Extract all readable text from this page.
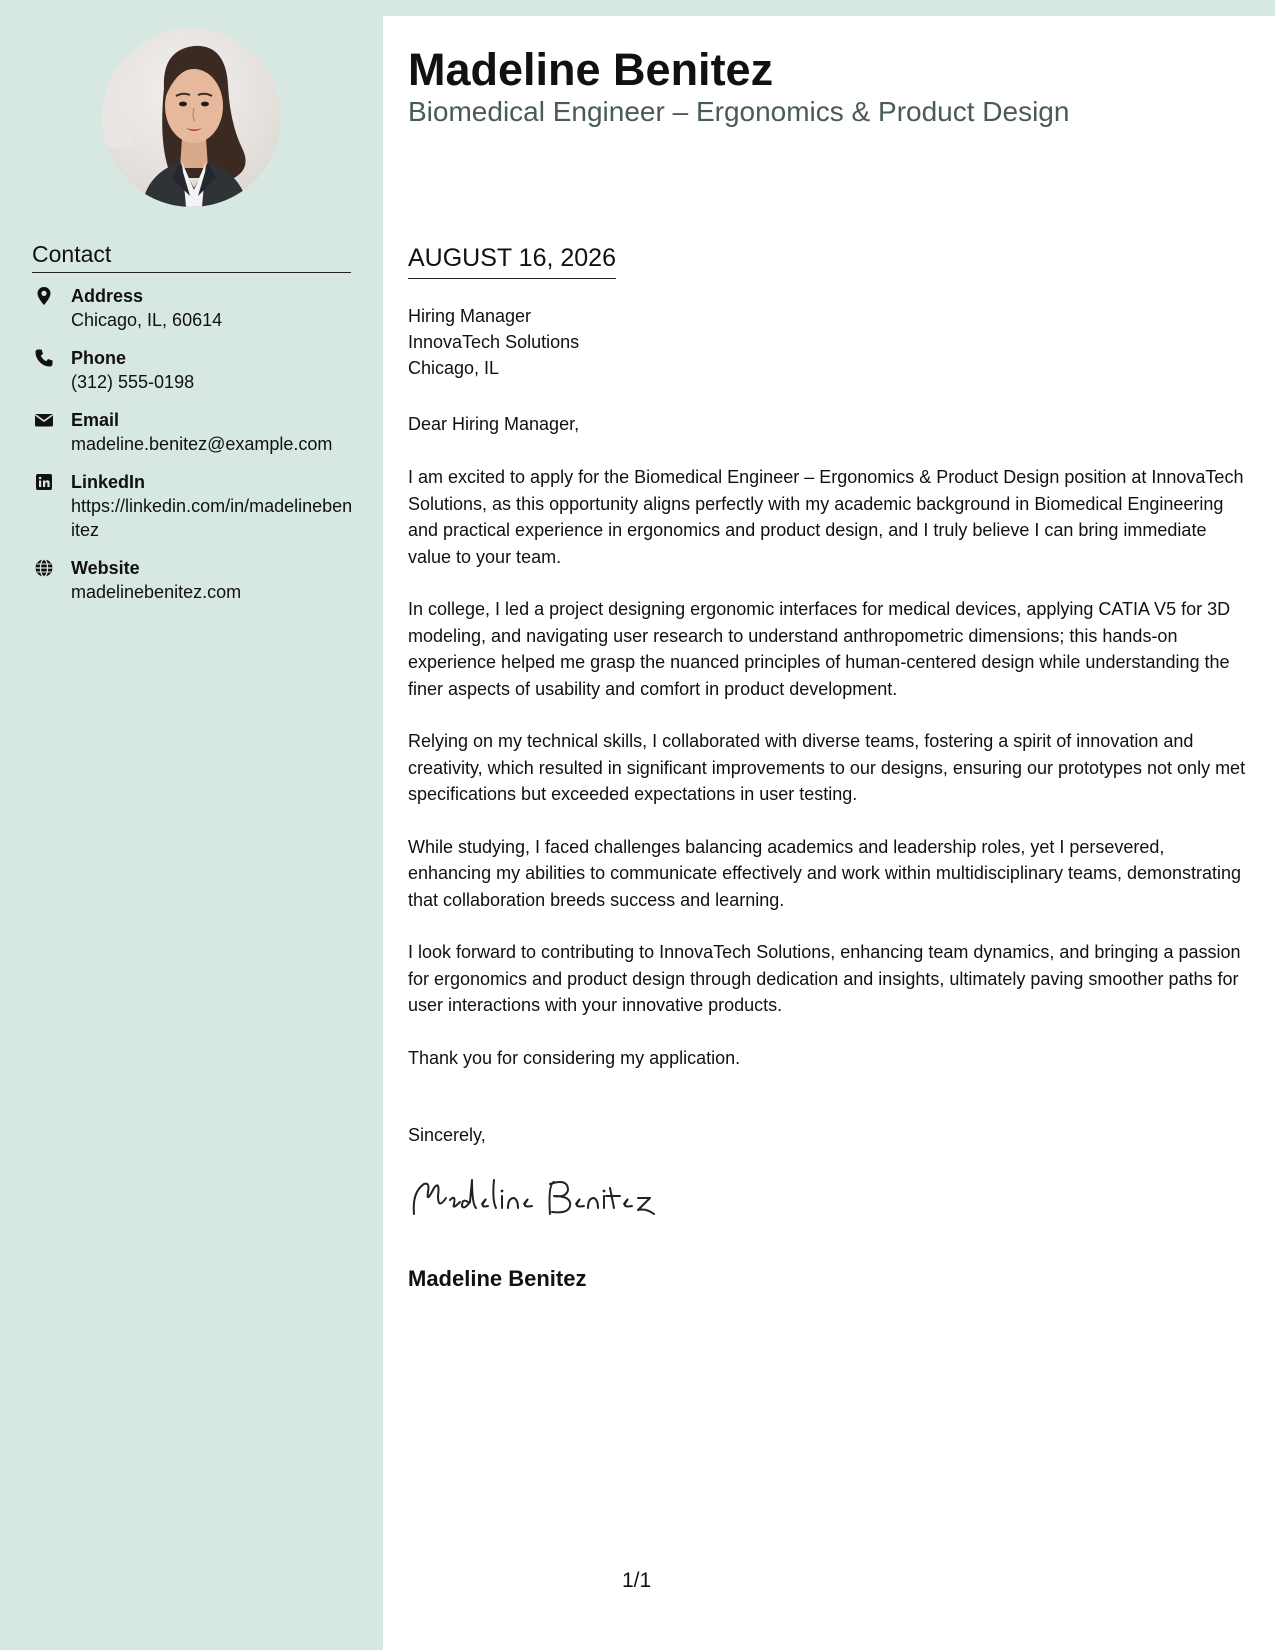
Contact
Address
Chicago, IL, 60614
Phone
(312) 555-0198
Email
madeline.benitez@example.com
LinkedIn
https://linkedin.com/in/madelinebenitez
Website
madelinebenitez.com
Madeline Benitez
Biomedical Engineer – Ergonomics & Product Design
AUGUST 16, 2026
Hiring Manager
InnovaTech Solutions
Chicago, IL
Dear Hiring Manager,

I am excited to apply for the Biomedical Engineer – Ergonomics & Product Design position at InnovaTech Solutions, as this opportunity aligns perfectly with my academic background in Biomedical Engineering and practical experience in ergonomics and product design, and I truly believe I can bring immediate value to your team.

In college, I led a project designing ergonomic interfaces for medical devices, applying CATIA V5 for 3D modeling, and navigating user research to understand anthropometric dimensions; this hands-on experience helped me grasp the nuanced principles of human-centered design while understanding the finer aspects of usability and comfort in product development.

Relying on my technical skills, I collaborated with diverse teams, fostering a spirit of innovation and creativity, which resulted in significant improvements to our designs, ensuring our prototypes not only met specifications but exceeded expectations in user testing.

While studying, I faced challenges balancing academics and leadership roles, yet I persevered, enhancing my abilities to communicate effectively and work within multidisciplinary teams, demonstrating that collaboration breeds success and learning.

I look forward to contributing to InnovaTech Solutions, enhancing team dynamics, and bringing a passion for ergonomics and product design through dedication and insights, ultimately paving smoother paths for user interactions with your innovative products.

Thank you for considering my application.

Sincerely,
Madeline Benitez
1/1
